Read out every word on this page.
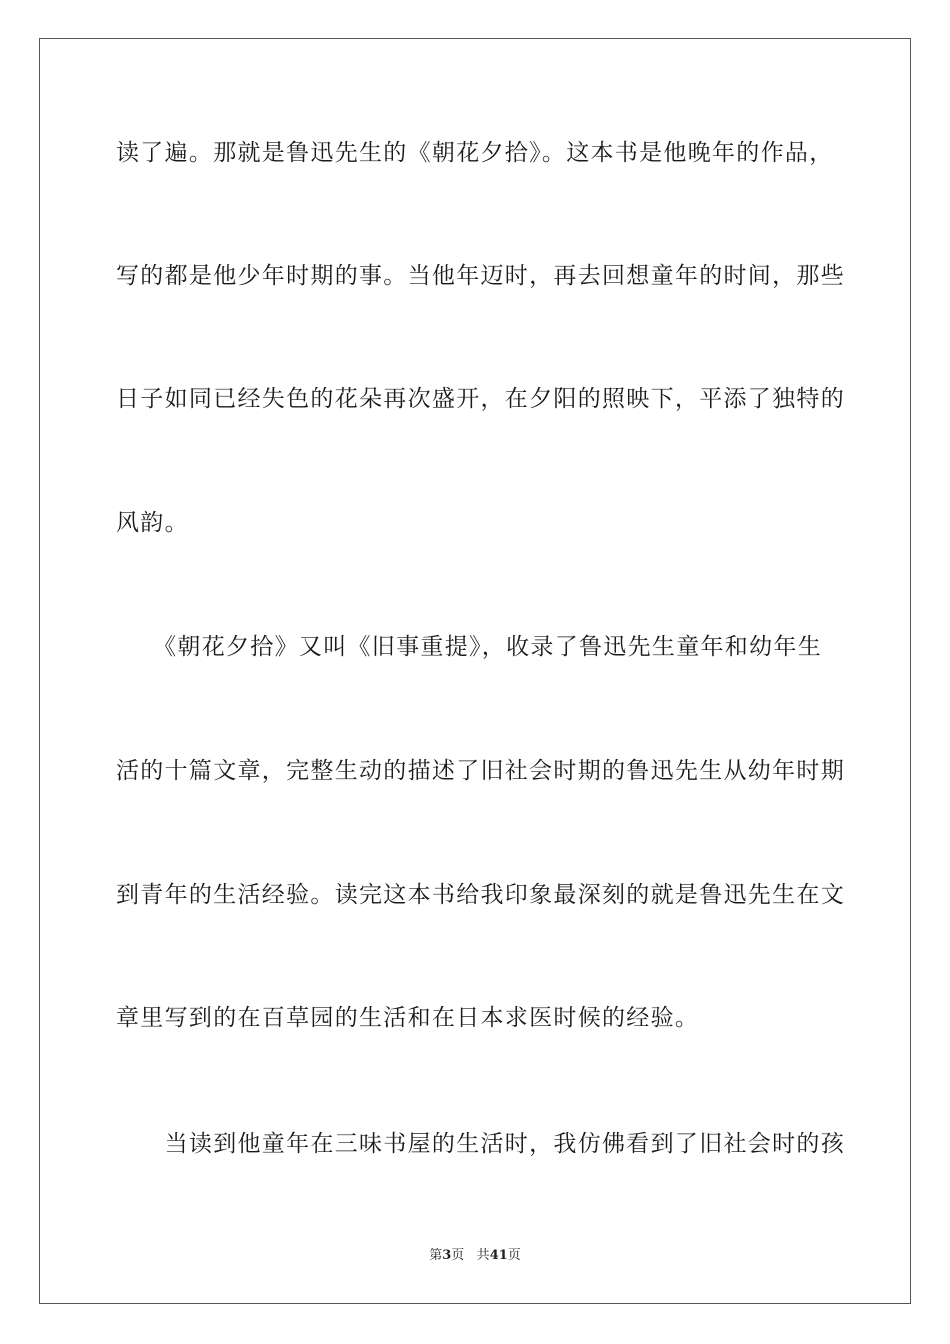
读了遍。那就是鲁迅先生的《朝花夕拾》。这本书是他晚年的作品，
写的都是他少年时期的事。当他年迈时，再去回想童年的时间，那些
日子如同已经失色的花朵再次盛开，在夕阳的照映下，平添了独特的
风韵。
　　《朝花夕拾》又叫《旧事重提》，收录了鲁迅先生童年和幼年生
活的十篇文章，完整生动的描述了旧社会时期的鲁迅先生从幼年时期
到青年的生活经验。读完这本书给我印象最深刻的就是鲁迅先生在文
章里写到的在百草园的生活和在日本求医时候的经验。
　　当读到他童年在三味书屋的生活时，我仿佛看到了旧社会时的孩
第3页 共41页
